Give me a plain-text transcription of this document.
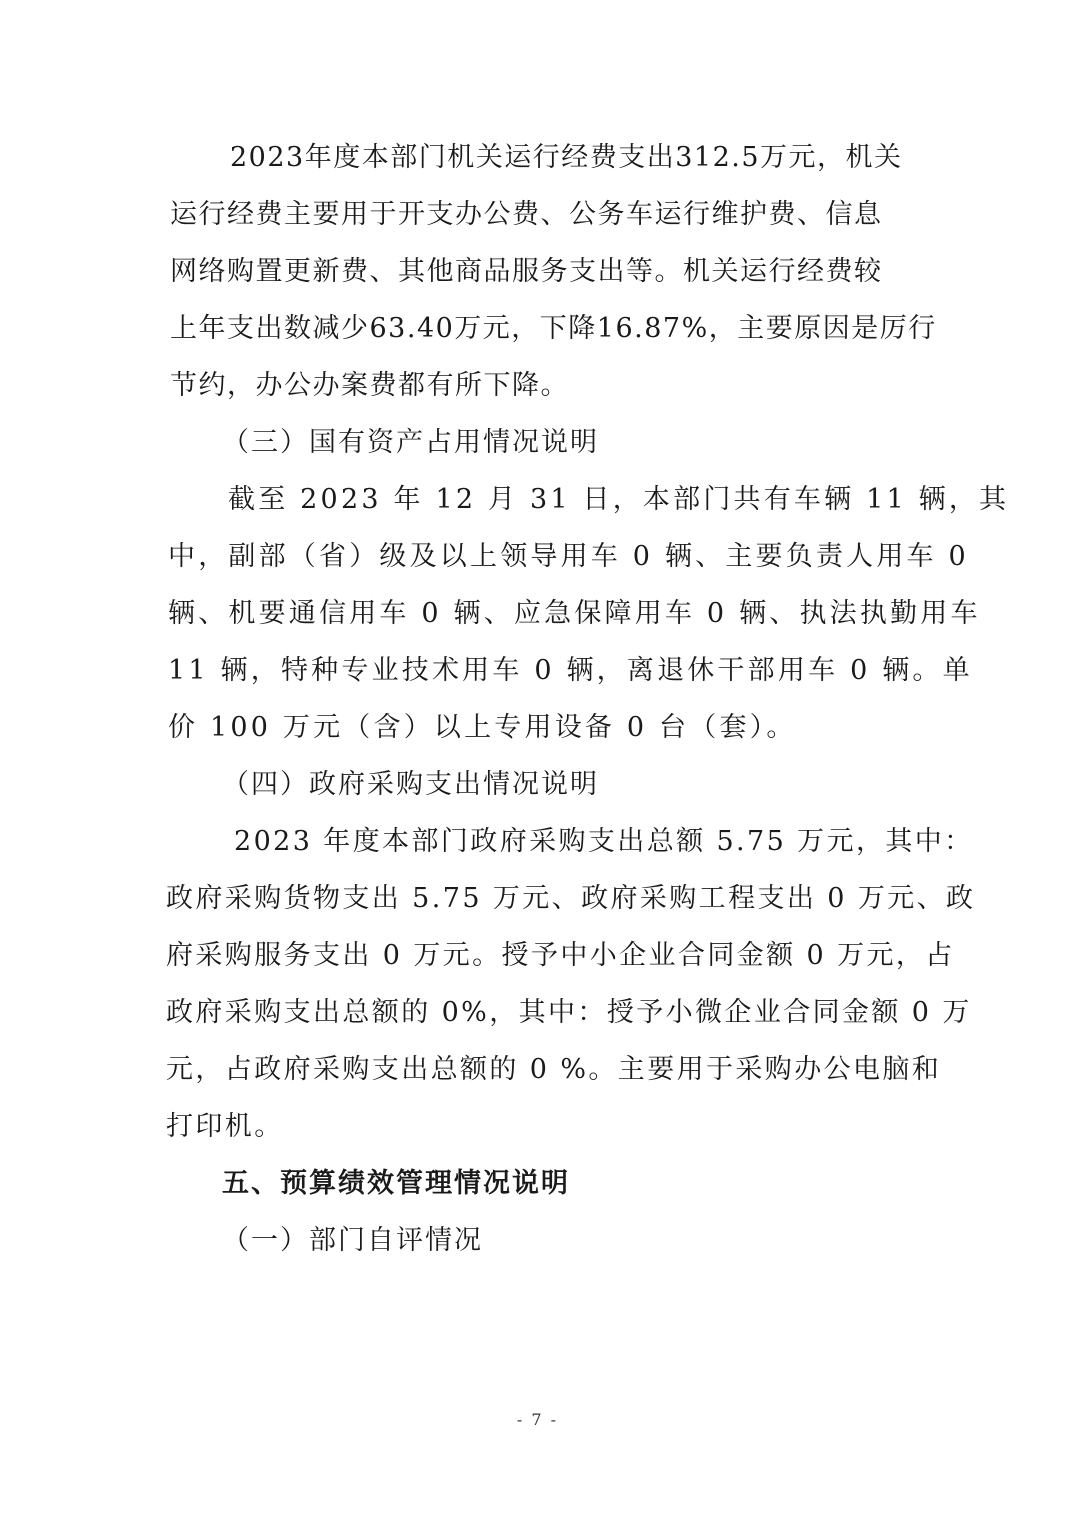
2023年度本部门机关运行经费支出312.5万元，机关
运行经费主要用于开支办公费、公务车运行维护费、信息
网络购置更新费、其他商品服务支出等。机关运行经费较
上年支出数减少63.40万元，下降16.87%，主要原因是厉行
节约，办公办案费都有所下降。
（三）国有资产占用情况说明
截至 2023 年 12 月 31 日，本部门共有车辆 11 辆，其
中，副部（省）级及以上领导用车 0 辆、主要负责人用车 0
辆、机要通信用车 0 辆、应急保障用车 0 辆、执法执勤用车
11 辆，特种专业技术用车 0 辆，离退休干部用车 0 辆。单
价 100 万元（含）以上专用设备 0 台（套）。
（四）政府采购支出情况说明
2023 年度本部门政府采购支出总额 5.75 万元，其中：
政府采购货物支出 5.75 万元、政府采购工程支出 0 万元、政
府采购服务支出 0 万元。授予中小企业合同金额 0 万元，占
政府采购支出总额的 0%，其中：授予小微企业合同金额 0 万
元，占政府采购支出总额的 0 %。主要用于采购办公电脑和
打印机。
五、预算绩效管理情况说明
（一）部门自评情况
- 7 -
